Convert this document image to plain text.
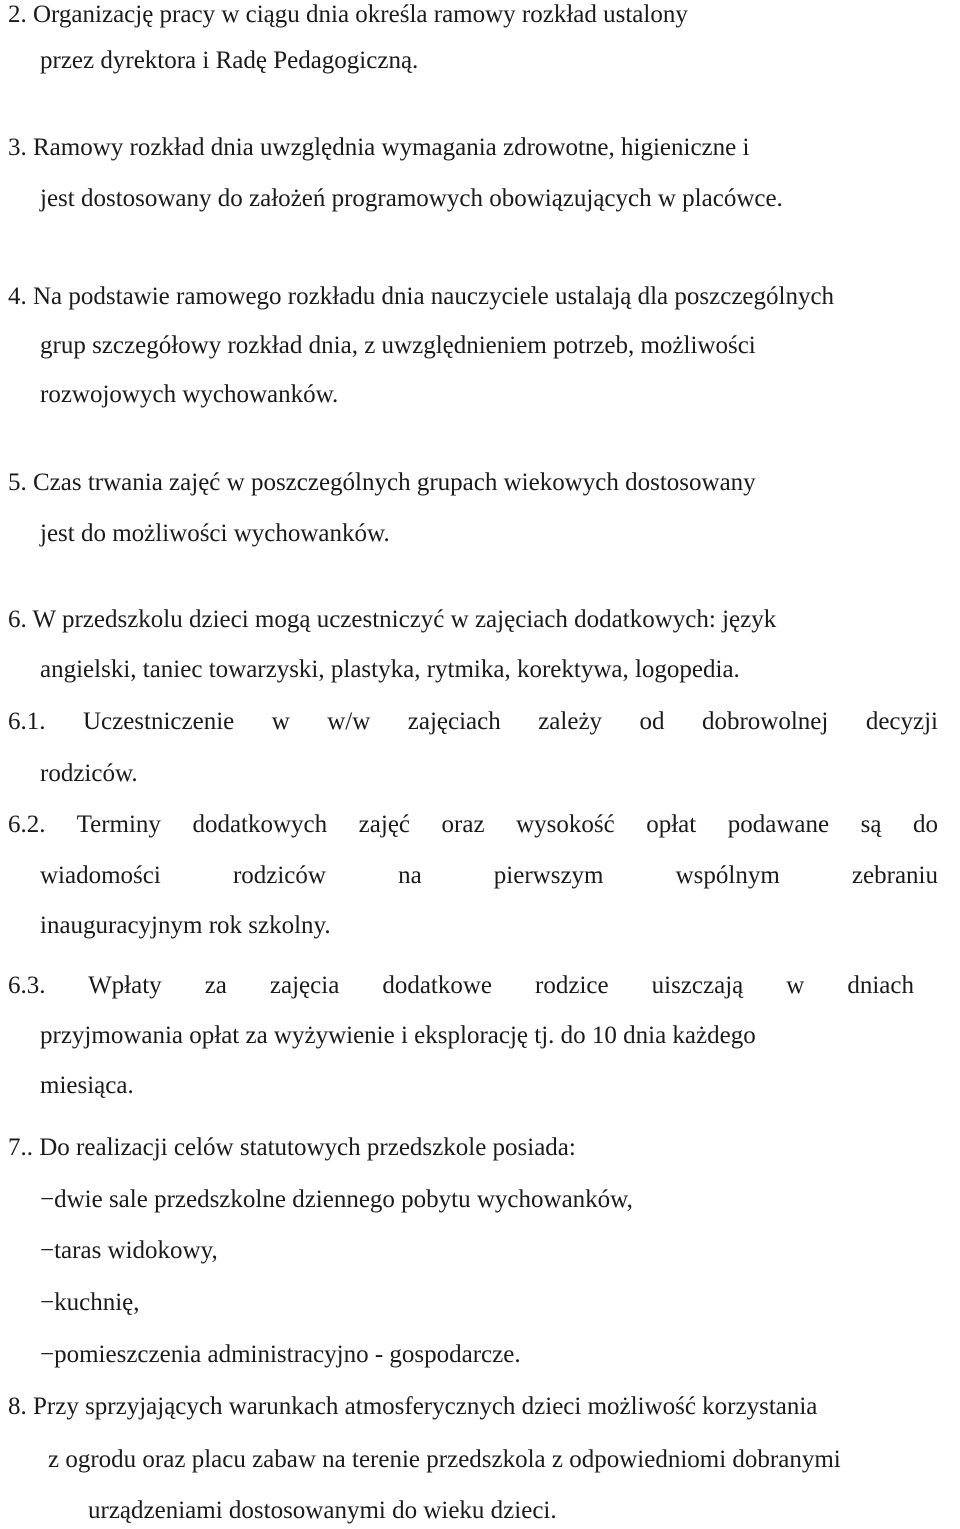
2. Organizację pracy w ciągu dnia określa ramowy rozkład ustalony

przez dyrektora i Radę Pedagogiczną.

3. Ramowy rozkład dnia uwzględnia wymagania zdrowotne, higieniczne i

jest dostosowany do założeń programowych obowiązujących w placówce.

4. Na podstawie ramowego rozkładu dnia nauczyciele ustalają dla poszczególnych

grup szczegółowy rozkład dnia, z uwzględnieniem potrzeb, możliwości

rozwojowych wychowanków.

5. Czas trwania zajęć w poszczególnych grupach wiekowych dostosowany

jest do możliwości wychowanków.

6. W przedszkolu dzieci mogą uczestniczyć w zajęciach dodatkowych: język

angielski, taniec towarzyski, plastyka, rytmika, korektywa, logopedia.

6.1. Uczestniczenie w w/w zajęciach zależy od dobrowolnej decyzji

rodziców.

6.2. Terminy dodatkowych zajęć oraz wysokość opłat podawane są do

wiadomości rodziców na pierwszym wspólnym zebraniu

inauguracyjnym rok szkolny.

6.3. Wpłaty za zajęcia dodatkowe rodzice uiszczają w dniach

przyjmowania opłat za wyżywienie i eksplorację tj. do 10 dnia każdego

miesiąca.

7.. Do realizacji celów statutowych przedszkole posiada:

−dwie sale przedszkolne dziennego pobytu wychowanków,

−taras widokowy,

−kuchnię,

−pomieszczenia administracyjno - gospodarcze.

8. Przy sprzyjających warunkach atmosferycznych dzieci możliwość korzystania

z ogrodu oraz placu zabaw na terenie przedszkola z odpowiedniomi dobranymi

urządzeniami dostosowanymi do wieku dzieci.
